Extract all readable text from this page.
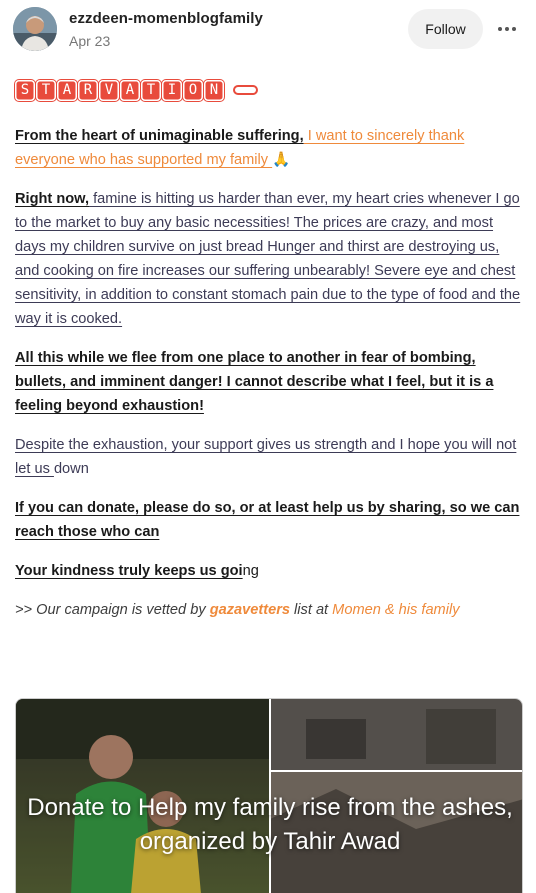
ezzdeen-momenblogfamily
Apr 23
Follow
S T A R V A T I O N

From the heart of unimaginable suffering, I want to sincerely thank everyone who has supported my family 🙏

Right now, famine is hitting us harder than ever, my heart cries whenever I go to the market to buy any basic necessities! The prices are crazy, and most days my children survive on just bread Hunger and thirst are destroying us, and cooking on fire increases our suffering unbearably! Severe eye and chest sensitivity, in addition to constant stomach pain due to the type of food and the way it is cooked.

All this while we flee from one place to another in fear of bombing, bullets, and imminent danger! I cannot describe what I feel, but it is a feeling beyond exhaustion!

Despite the exhaustion, your support gives us strength and I hope you will not let us down

If you can donate, please do so, or at least help us by sharing, so we can reach those who can

Your kindness truly keeps us going

>> Our campaign is vetted by gazavetters list at Momen & his family

Donate to Help my family rise from the ashes, organized by Tahir Awad
